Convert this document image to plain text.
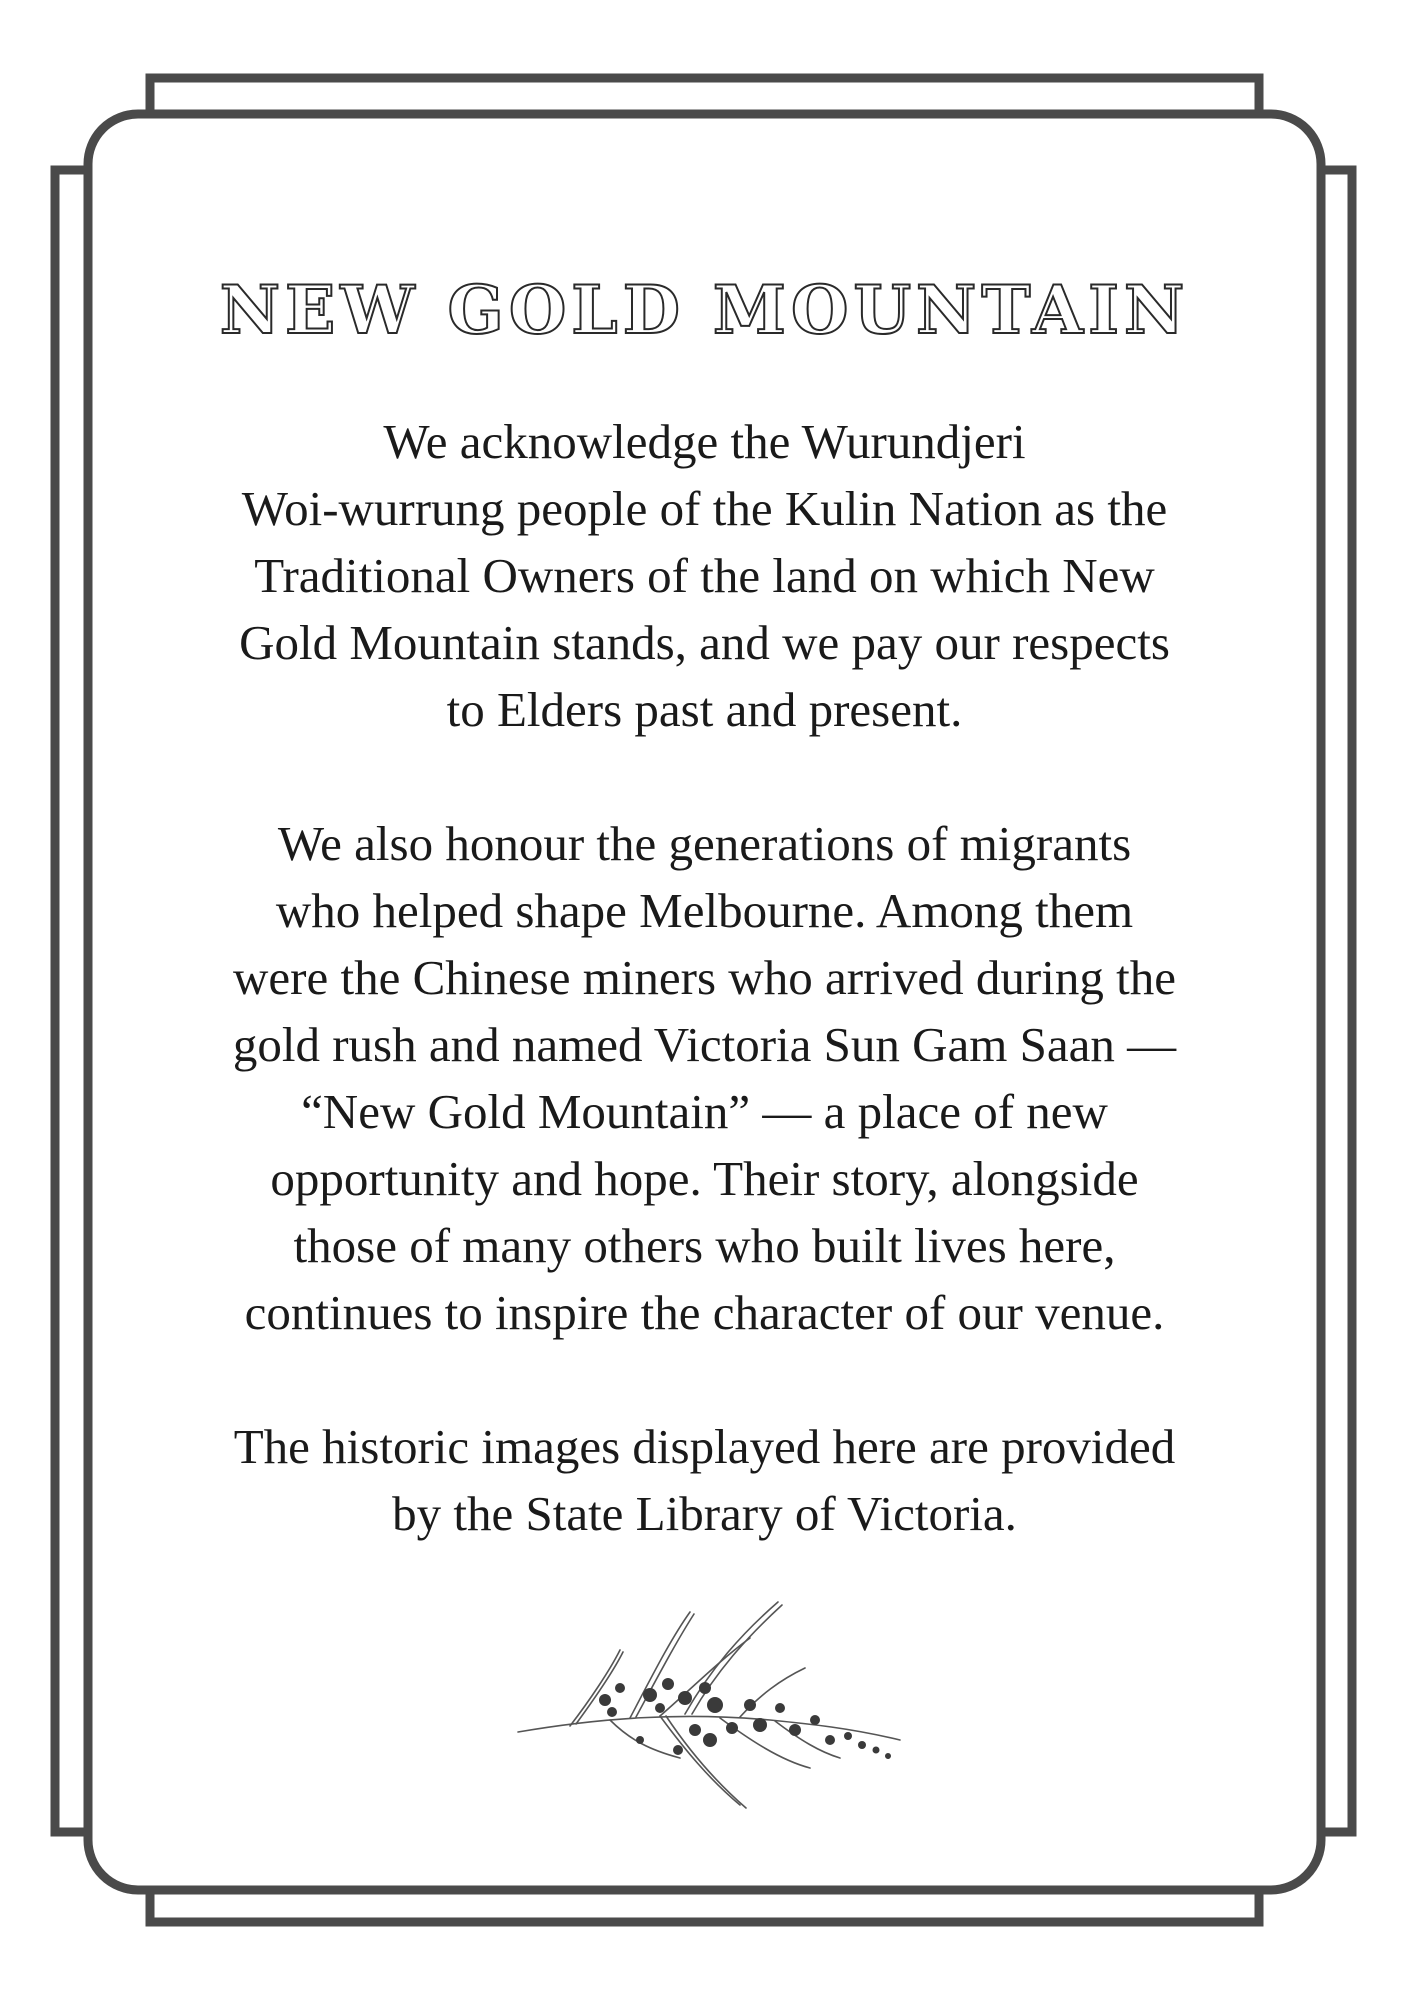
NEW GOLD MOUNTAIN
We acknowledge the Wurundjeri
Woi-wurrung people of the Kulin Nation as the
Traditional Owners of the land on which New
Gold Mountain stands, and we pay our respects
to Elders past and present.
We also honour the generations of migrants
who helped shape Melbourne. Among them
were the Chinese miners who arrived during the
gold rush and named Victoria Sun Gam Saan —
“New Gold Mountain” — a place of new
opportunity and hope. Their story, alongside
those of many others who built lives here,
continues to inspire the character of our venue.
The historic images displayed here are provided
by the State Library of Victoria.
